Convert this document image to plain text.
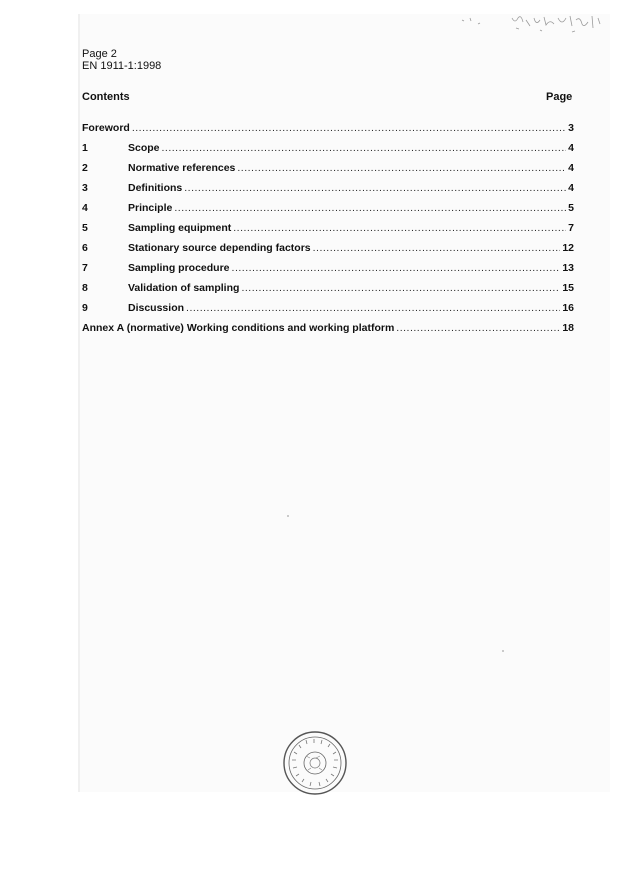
Page 2
EN 1911-1:1998
Contents	Page
Foreword .....	3
1	Scope .....	4
2	Normative references .....	4
3	Definitions .....	4
4	Principle .....	5
5	Sampling equipment .....	7
6	Stationary source depending factors .....	12
7	Sampling procedure .....	13
8	Validation of sampling .....	15
9	Discussion .....	16
Annex A (normative) Working conditions and working platform .....	18
